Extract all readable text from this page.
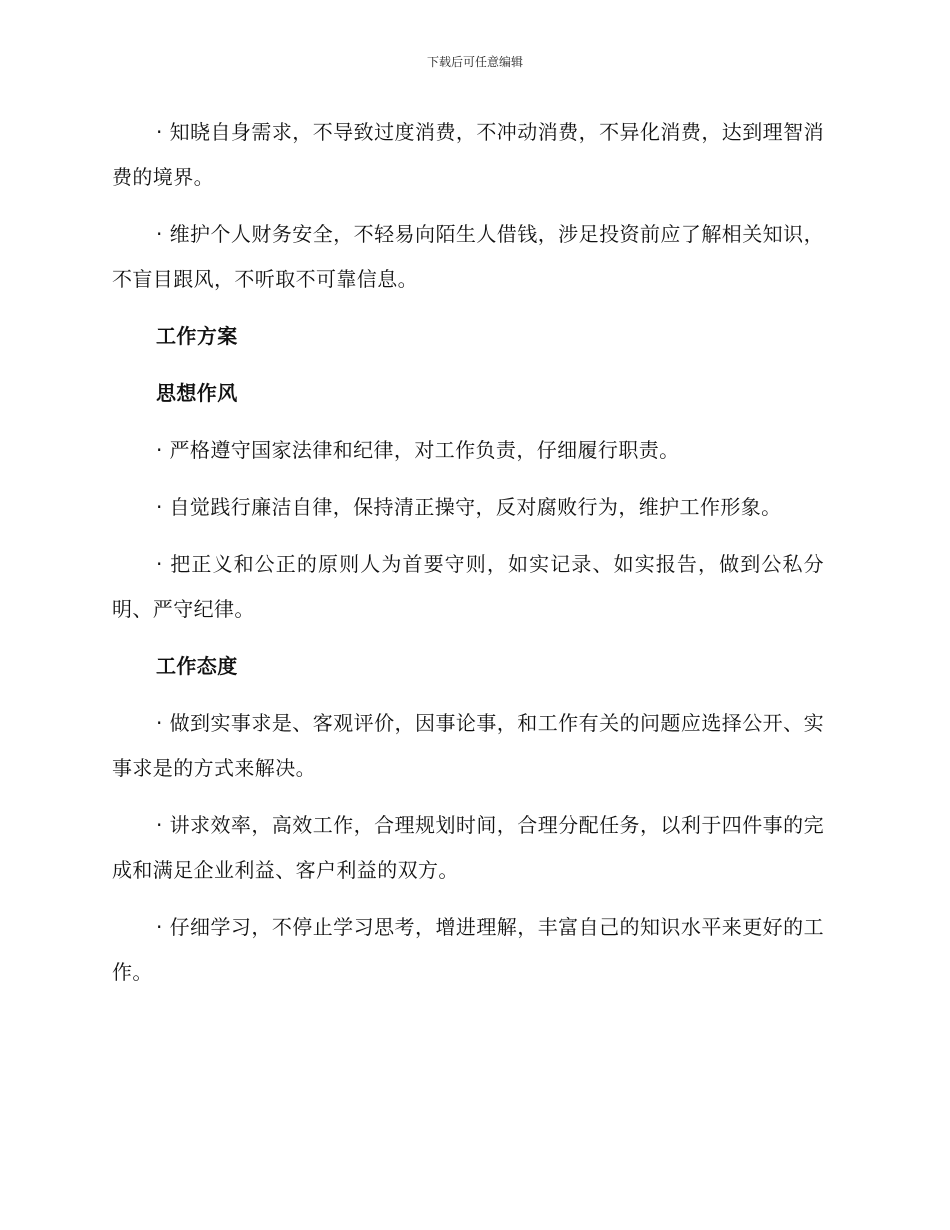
下载后可任意编辑

· 知晓自身需求，不导致过度消费，不冲动消费，不异化消费，达到理智消费的境界。

· 维护个人财务安全，不轻易向陌生人借钱，涉足投资前应了解相关知识，不盲目跟风，不听取不可靠信息。

工作方案

思想作风

· 严格遵守国家法律和纪律，对工作负责，仔细履行职责。

· 自觉践行廉洁自律，保持清正操守，反对腐败行为，维护工作形象。

· 把正义和公正的原则人为首要守则，如实记录、如实报告，做到公私分明、严守纪律。

工作态度

· 做到实事求是、客观评价，因事论事，和工作有关的问题应选择公开、实事求是的方式来解决。

· 讲求效率，高效工作，合理规划时间，合理分配任务，以利于四件事的完成和满足企业利益、客户利益的双方。

· 仔细学习，不停止学习思考，增进理解，丰富自己的知识水平来更好的工作。
